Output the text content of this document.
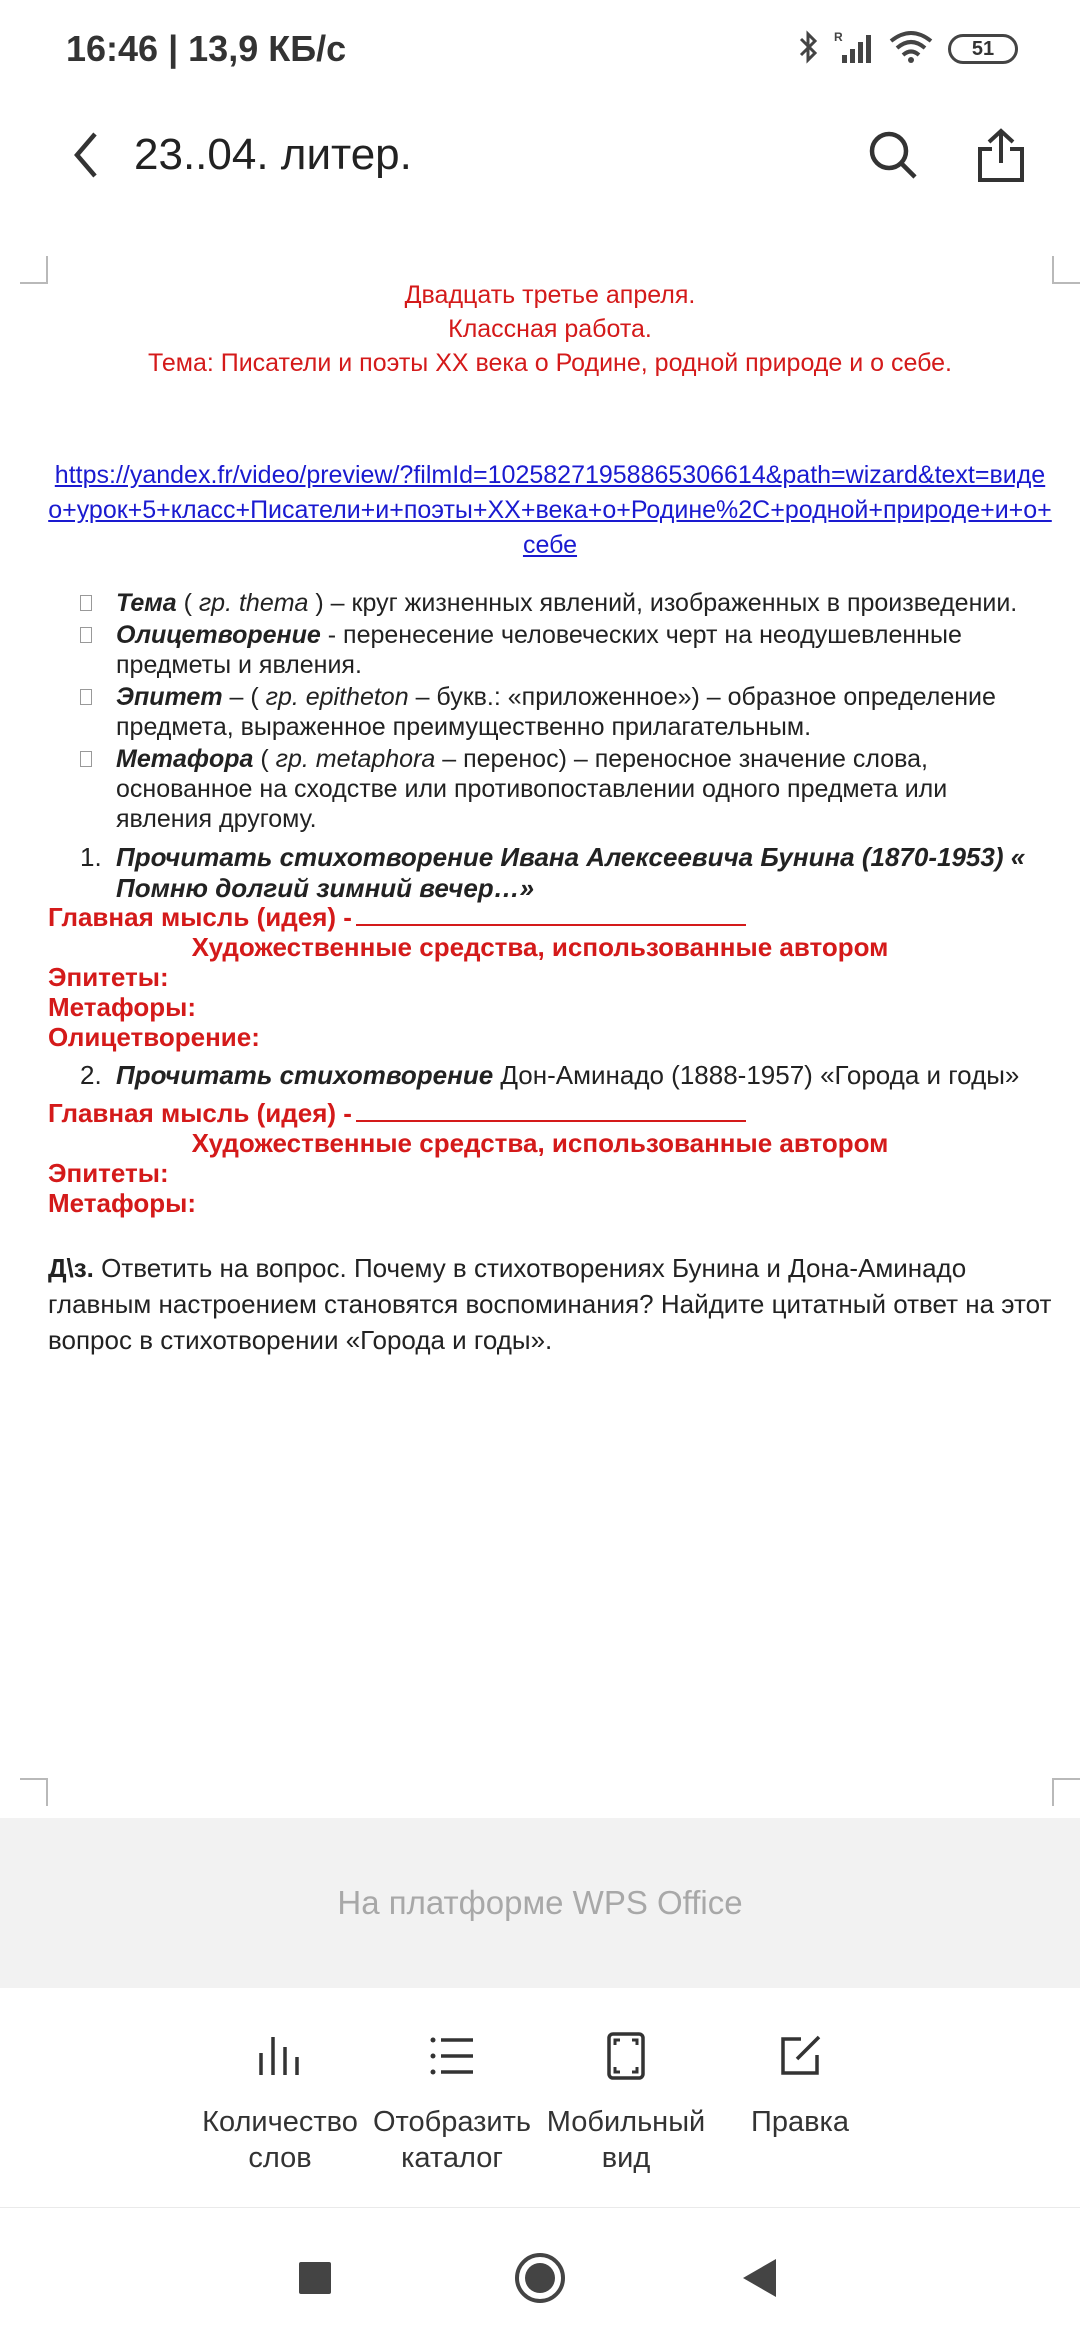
16:46 | 13,9 КБ/с	R
51
23..04. литер.
Двадцать третье апреля.
Классная работа.
Тема: Писатели и поэты ХХ века о Родине, родной природе и о себе.
https://yandex.fr/video/preview/?filmId=10258271958865306614&path=wizard&text=видео+урок+5+класс+Писатели+и+поэты+ХХ+века+о+Родине%2C+родной+природе+и+о+себе
Тема ( гр. thema ) – круг жизненных явлений, изображенных в произведении.
Олицетворение - перенесение человеческих черт на неодушевленные предметы и явления.
Эпитет – ( гр. epitheton – букв.: «приложенное») – образное определение предмета, выраженное преимущественно прилагательным.
Метафора ( гр. metaphora – перенос) – переносное значение слова, основанное на сходстве или противопоставлении одного предмета или явления другому.
1. Прочитать стихотворение Ивана Алексеевича Бунина (1870-1953) « Помню долгий зимний вечер…»
Главная мысль (идея) -
Художественные средства, использованные автором
Эпитеты:
Метафоры:
Олицетворение:
2. Прочитать стихотворение Дон-Аминадо (1888-1957) «Города и годы»
Главная мысль (идея) -
Художественные средства, использованные автором
Эпитеты:
Метафоры:
Д\з. Ответить на вопрос. Почему в стихотворениях Бунина и Дона-Аминадо главным настроением становятся воспоминания? Найдите цитатный ответ на этот вопрос в стихотворении «Города и годы».
На платформе WPS Office
Количество
слов
Отобразить
каталог
Мобильный
вид
Правка
